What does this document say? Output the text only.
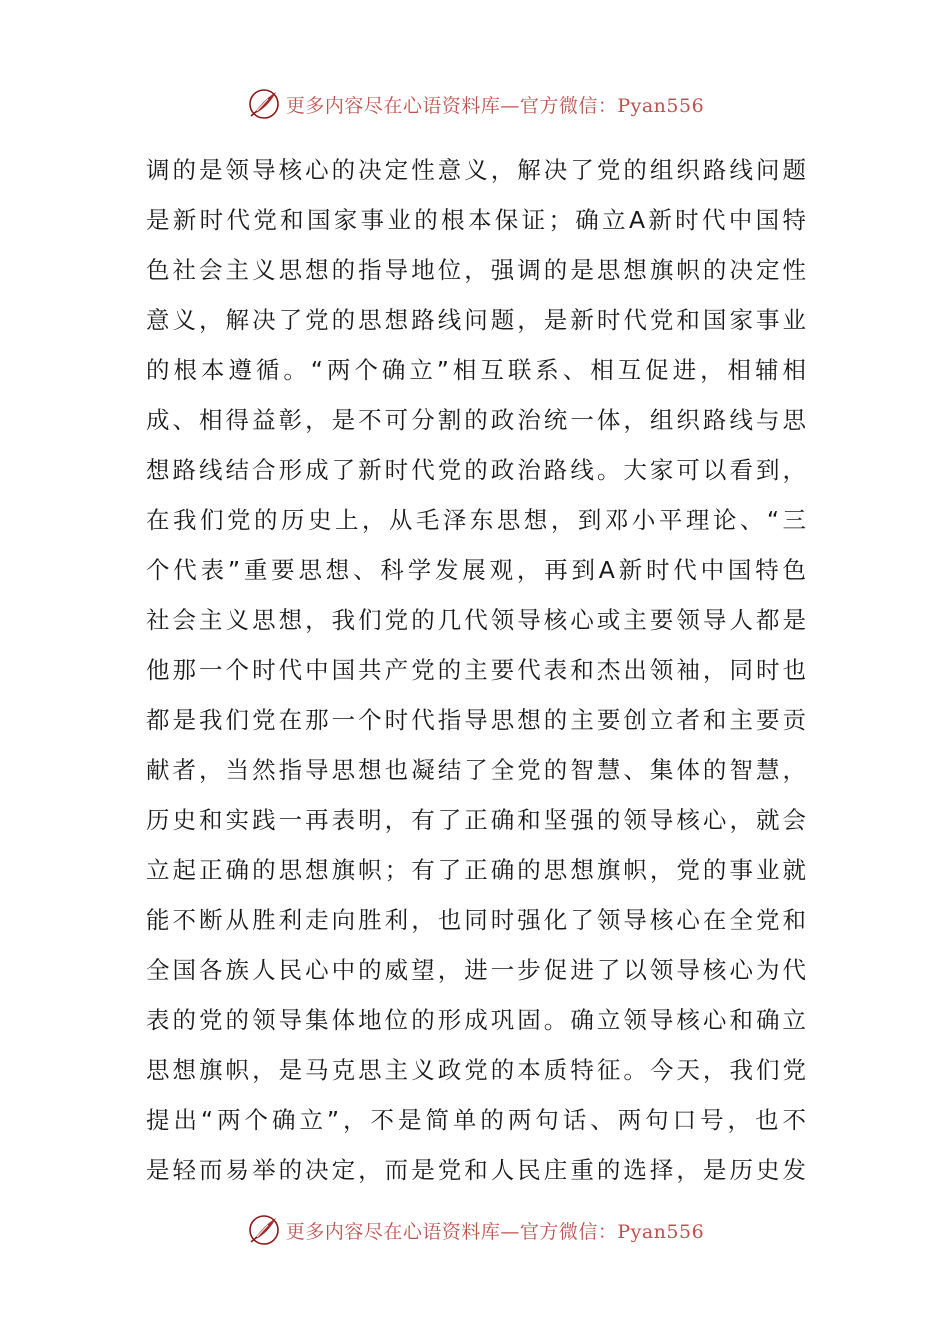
更多内容尽在心语资料库—官方微信：Pyan556
调的是领导核心的决定性意义，解决了党的组织路线问题
是新时代党和国家事业的根本保证；确立A新时代中国特
色社会主义思想的指导地位，强调的是思想旗帜的决定性
意义，解决了党的思想路线问题，是新时代党和国家事业
的根本遵循。“两个确立”相互联系、相互促进，相辅相
成、相得益彰，是不可分割的政治统一体，组织路线与思
想路线结合形成了新时代党的政治路线。大家可以看到，
在我们党的历史上，从毛泽东思想，到邓小平理论、“三
个代表”重要思想、科学发展观，再到A新时代中国特色
社会主义思想，我们党的几代领导核心或主要领导人都是
他那一个时代中国共产党的主要代表和杰出领袖，同时也
都是我们党在那一个时代指导思想的主要创立者和主要贡
献者，当然指导思想也凝结了全党的智慧、集体的智慧，
历史和实践一再表明，有了正确和坚强的领导核心，就会
立起正确的思想旗帜；有了正确的思想旗帜，党的事业就
能不断从胜利走向胜利，也同时强化了领导核心在全党和
全国各族人民心中的威望，进一步促进了以领导核心为代
表的党的领导集体地位的形成巩固。确立领导核心和确立
思想旗帜，是马克思主义政党的本质特征。今天，我们党
提出“两个确立”，不是简单的两句话、两句口号，也不
是轻而易举的决定，而是党和人民庄重的选择，是历史发
更多内容尽在心语资料库—官方微信：Pyan556
